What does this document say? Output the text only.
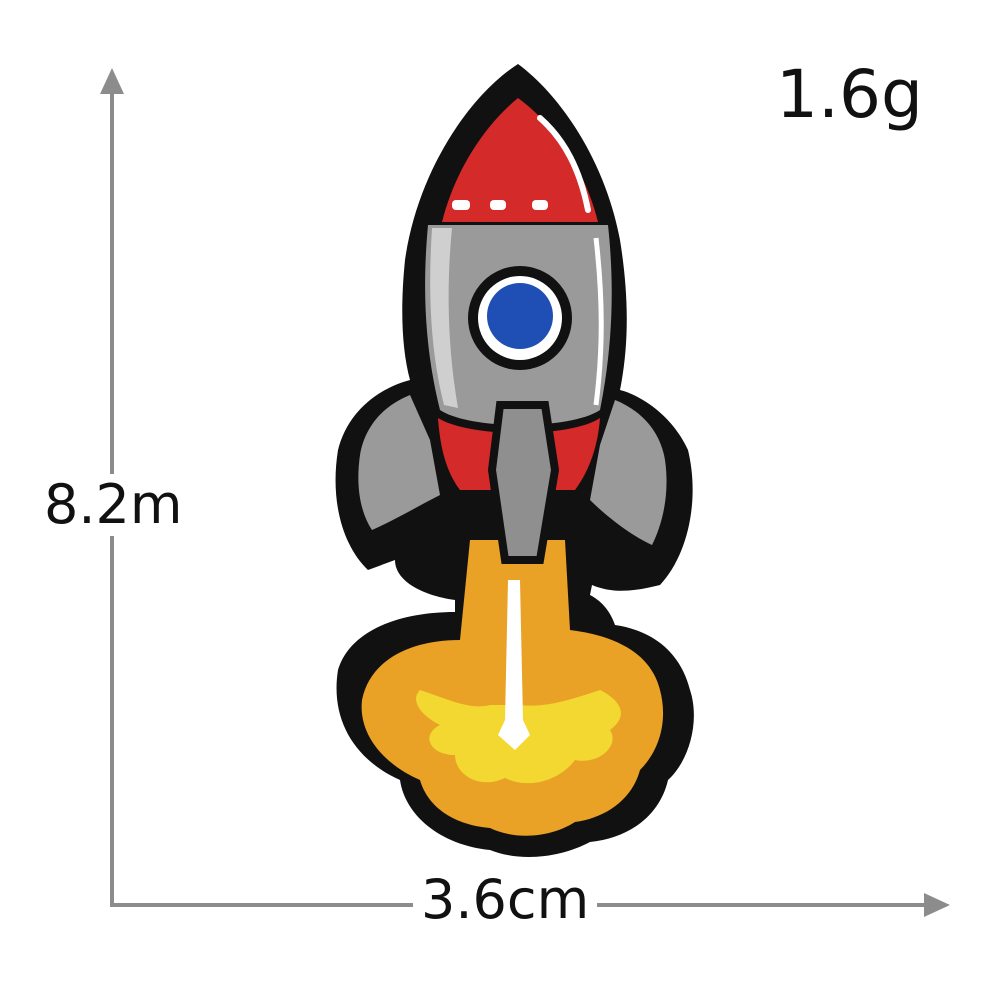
1.6g
8.2m
3.6cm
